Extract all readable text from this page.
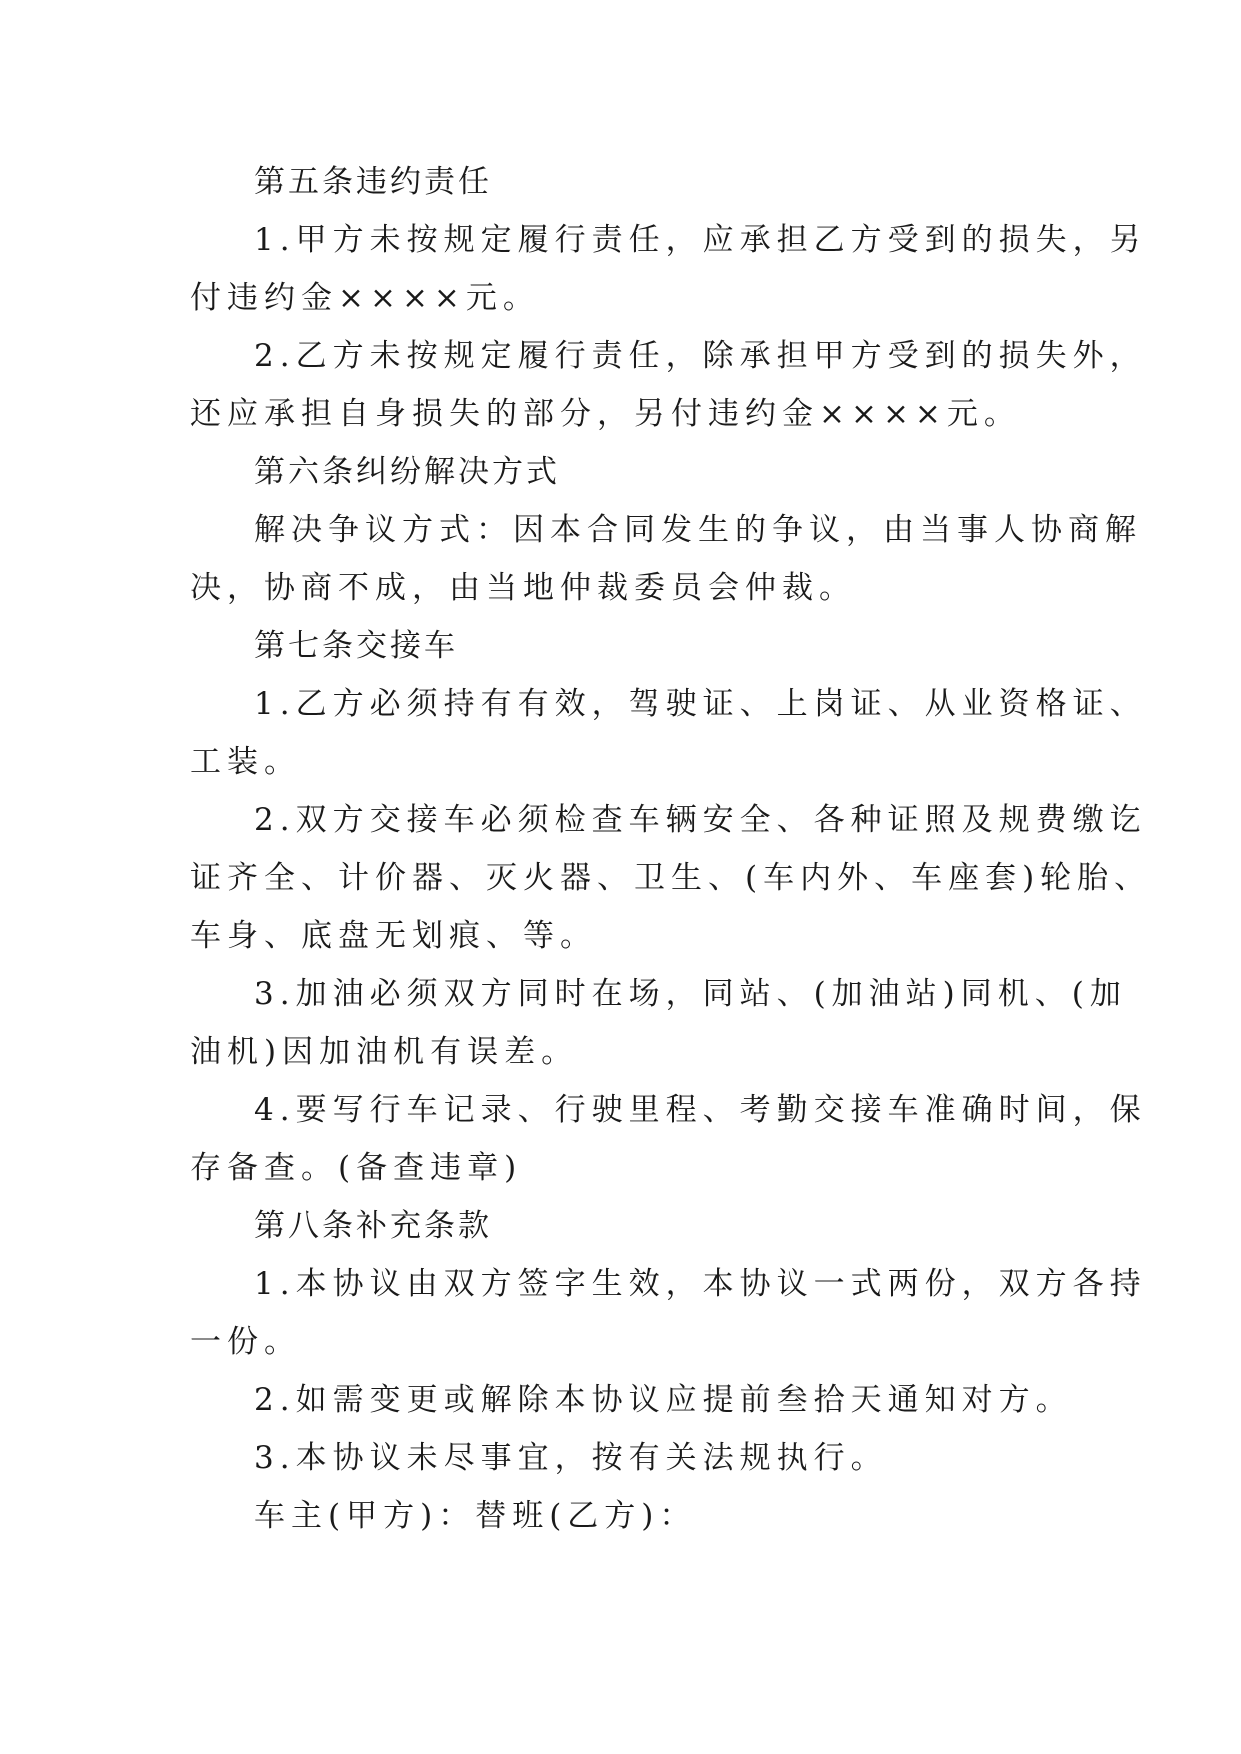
第五条违约责任
1.甲方未按规定履行责任，应承担乙方受到的损失，另
付违约金××××元。
2.乙方未按规定履行责任，除承担甲方受到的损失外，
还应承担自身损失的部分，另付违约金××××元。
第六条纠纷解决方式
解决争议方式：因本合同发生的争议，由当事人协商解
决，协商不成，由当地仲裁委员会仲裁。
第七条交接车
1.乙方必须持有有效，驾驶证、上岗证、从业资格证、
工装。
2.双方交接车必须检查车辆安全、各种证照及规费缴讫
证齐全、计价器、灭火器、卫生、(车内外、车座套)轮胎、
车身、底盘无划痕、等。
3.加油必须双方同时在场，同站、(加油站)同机、(加
油机)因加油机有误差。
4.要写行车记录、行驶里程、考勤交接车准确时间，保
存备查。(备查违章)
第八条补充条款
1.本协议由双方签字生效，本协议一式两份，双方各持
一份。
2.如需变更或解除本协议应提前叁拾天通知对方。
3.本协议未尽事宜，按有关法规执行。
车主(甲方)：替班(乙方)：
